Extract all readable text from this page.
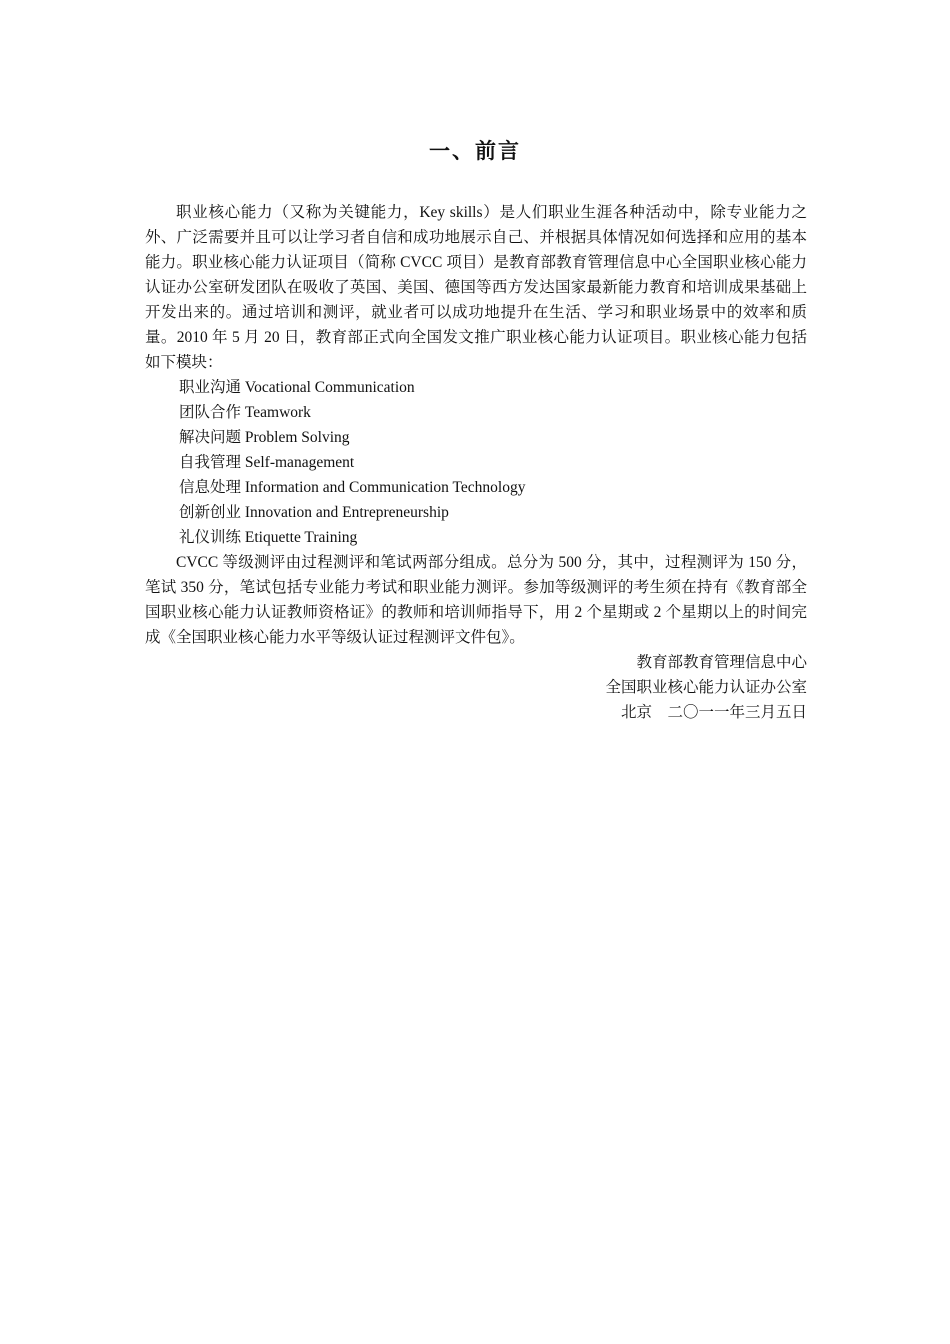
一、前言

职业核心能力（又称为关键能力，Key skills）是人们职业生涯各种活动中，除专业能力之外、广泛需要并且可以让学习者自信和成功地展示自己、并根据具体情况如何选择和应用的基本能力。职业核心能力认证项目（简称 CVCC 项目）是教育部教育管理信息中心全国职业核心能力认证办公室研发团队在吸收了英国、美国、德国等西方发达国家最新能力教育和培训成果基础上开发出来的。通过培训和测评，就业者可以成功地提升在生活、学习和职业场景中的效率和质量。2010 年 5 月 20 日，教育部正式向全国发文推广职业核心能力认证项目。职业核心能力包括如下模块：

职业沟通 Vocational Communication
团队合作 Teamwork
解决问题 Problem Solving
自我管理 Self-management
信息处理 Information and Communication Technology
创新创业 Innovation and Entrepreneurship
礼仪训练 Etiquette Training

CVCC 等级测评由过程测评和笔试两部分组成。总分为 500 分，其中，过程测评为 150 分，笔试 350 分，笔试包括专业能力考试和职业能力测评。参加等级测评的考生须在持有《教育部全国职业核心能力认证教师资格证》的教师和培训师指导下，用 2 个星期或 2 个星期以上的时间完成《全国职业核心能力水平等级认证过程测评文件包》。

教育部教育管理信息中心
全国职业核心能力认证办公室
北京　二〇一一年三月五日
